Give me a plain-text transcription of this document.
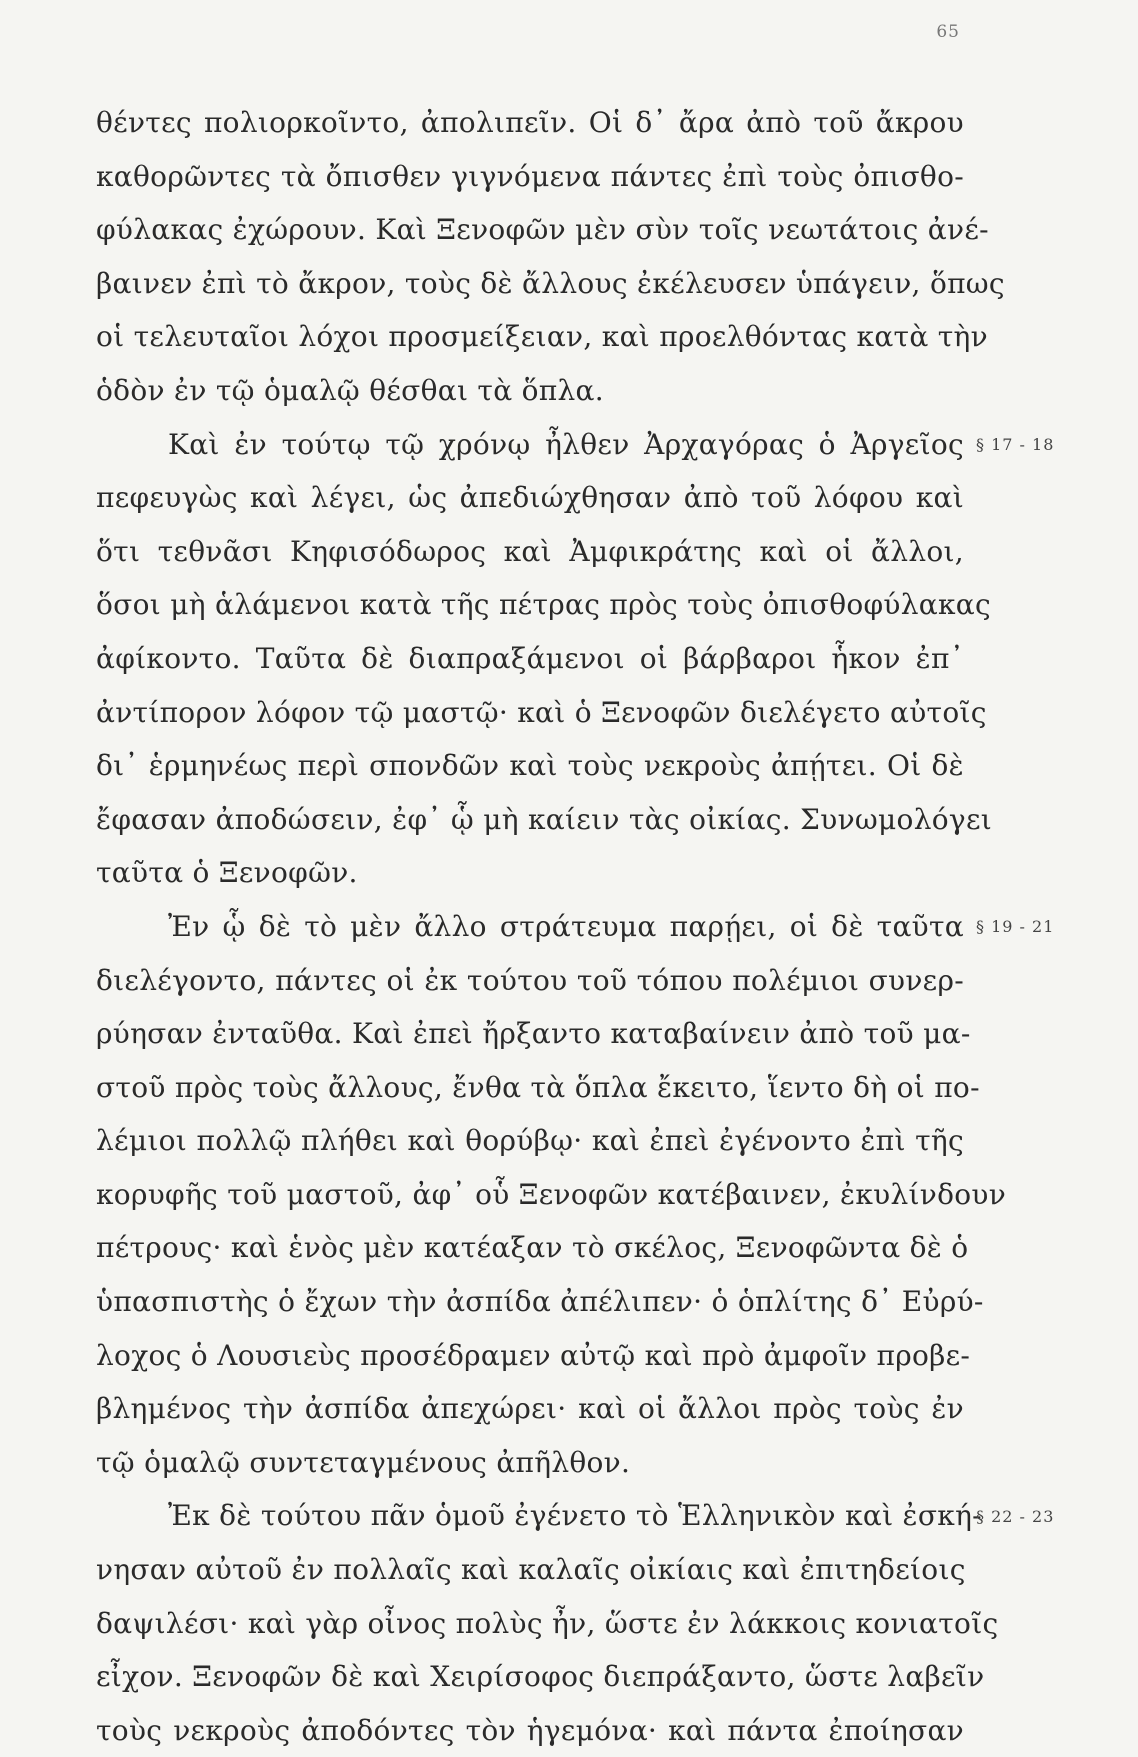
65
θέντες πολιορκοῖντο, ἀπολιπεῖν. Οἱ δ᾽ ἄρα ἀπὸ τοῦ ἄκρου
καθορῶντες τὰ ὄπισθεν γιγνόμενα πάντες ἐπὶ τοὺς ὀπισθο-
φύλακας ἐχώρουν. Καὶ Ξενοφῶν μὲν σὺν τοῖς νεωτάτοις ἀνέ-
βαινεν ἐπὶ τὸ ἄκρον, τοὺς δὲ ἄλλους ἐκέλευσεν ὑπάγειν, ὅπως
οἱ τελευταῖοι λόχοι προσμείξειαν, καὶ προελθόντας κατὰ τὴν
ὁδὸν ἐν τῷ ὁμαλῷ θέσθαι τὰ ὅπλα.
Καὶ ἐν τούτῳ τῷ χρόνῳ ἦλθεν Ἀρχαγόρας ὁ Ἀργεῖος
πεφευγὼς καὶ λέγει, ὡς ἀπεδιώχθησαν ἀπὸ τοῦ λόφου καὶ
ὅτι τεθνᾶσι Κηφισόδωρος καὶ Ἀμφικράτης καὶ οἱ ἄλλοι,
ὅσοι μὴ ἁλάμενοι κατὰ τῆς πέτρας πρὸς τοὺς ὀπισθοφύλακας
ἀφίκοντο. Ταῦτα δὲ διαπραξάμενοι οἱ βάρβαροι ἧκον ἐπ᾽
ἀντίπορον λόφον τῷ μαστῷ· καὶ ὁ Ξενοφῶν διελέγετο αὐτοῖς
δι᾽ ἑρμηνέως περὶ σπονδῶν καὶ τοὺς νεκροὺς ἀπῄτει. Οἱ δὲ
ἔφασαν ἀποδώσειν, ἐφ᾽ ᾧ μὴ καίειν τὰς οἰκίας. Συνωμολόγει
ταῦτα ὁ Ξενοφῶν.
Ἐν ᾧ δὲ τὸ μὲν ἄλλο στράτευμα παρῄει, οἱ δὲ ταῦτα
διελέγοντο, πάντες οἱ ἐκ τούτου τοῦ τόπου πολέμιοι συνερ-
ρύησαν ἐνταῦθα. Καὶ ἐπεὶ ἤρξαντο καταβαίνειν ἀπὸ τοῦ μα-
στοῦ πρὸς τοὺς ἄλλους, ἔνθα τὰ ὅπλα ἔκειτο, ἵεντο δὴ οἱ πο-
λέμιοι πολλῷ πλήθει καὶ θορύβῳ· καὶ ἐπεὶ ἐγένοντο ἐπὶ τῆς
κορυφῆς τοῦ μαστοῦ, ἀφ᾽ οὗ Ξενοφῶν κατέβαινεν, ἐκυλίνδουν
πέτρους· καὶ ἑνὸς μὲν κατέαξαν τὸ σκέλος, Ξενοφῶντα δὲ ὁ
ὑπασπιστὴς ὁ ἔχων τὴν ἀσπίδα ἀπέλιπεν· ὁ ὁπλίτης δ᾽ Εὐρύ-
λοχος ὁ Λουσιεὺς προσέδραμεν αὐτῷ καὶ πρὸ ἀμφοῖν προβε-
βλημένος τὴν ἀσπίδα ἀπεχώρει· καὶ οἱ ἄλλοι πρὸς τοὺς ἐν
τῷ ὁμαλῷ συντεταγμένους ἀπῆλθον.
Ἐκ δὲ τούτου πᾶν ὁμοῦ ἐγένετο τὸ Ἑλληνικὸν καὶ ἐσκή-
νησαν αὐτοῦ ἐν πολλαῖς καὶ καλαῖς οἰκίαις καὶ ἐπιτηδείοις
δαψιλέσι· καὶ γὰρ οἶνος πολὺς ἦν, ὥστε ἐν λάκκοις κονιατοῖς
εἶχον. Ξενοφῶν δὲ καὶ Χειρίσοφος διεπράξαντο, ὥστε λαβεῖν
τοὺς νεκροὺς ἀποδόντες τὸν ἡγεμόνα· καὶ πάντα ἐποίησαν
§ 17 - 18
§ 19 - 21
§ 22 - 23
